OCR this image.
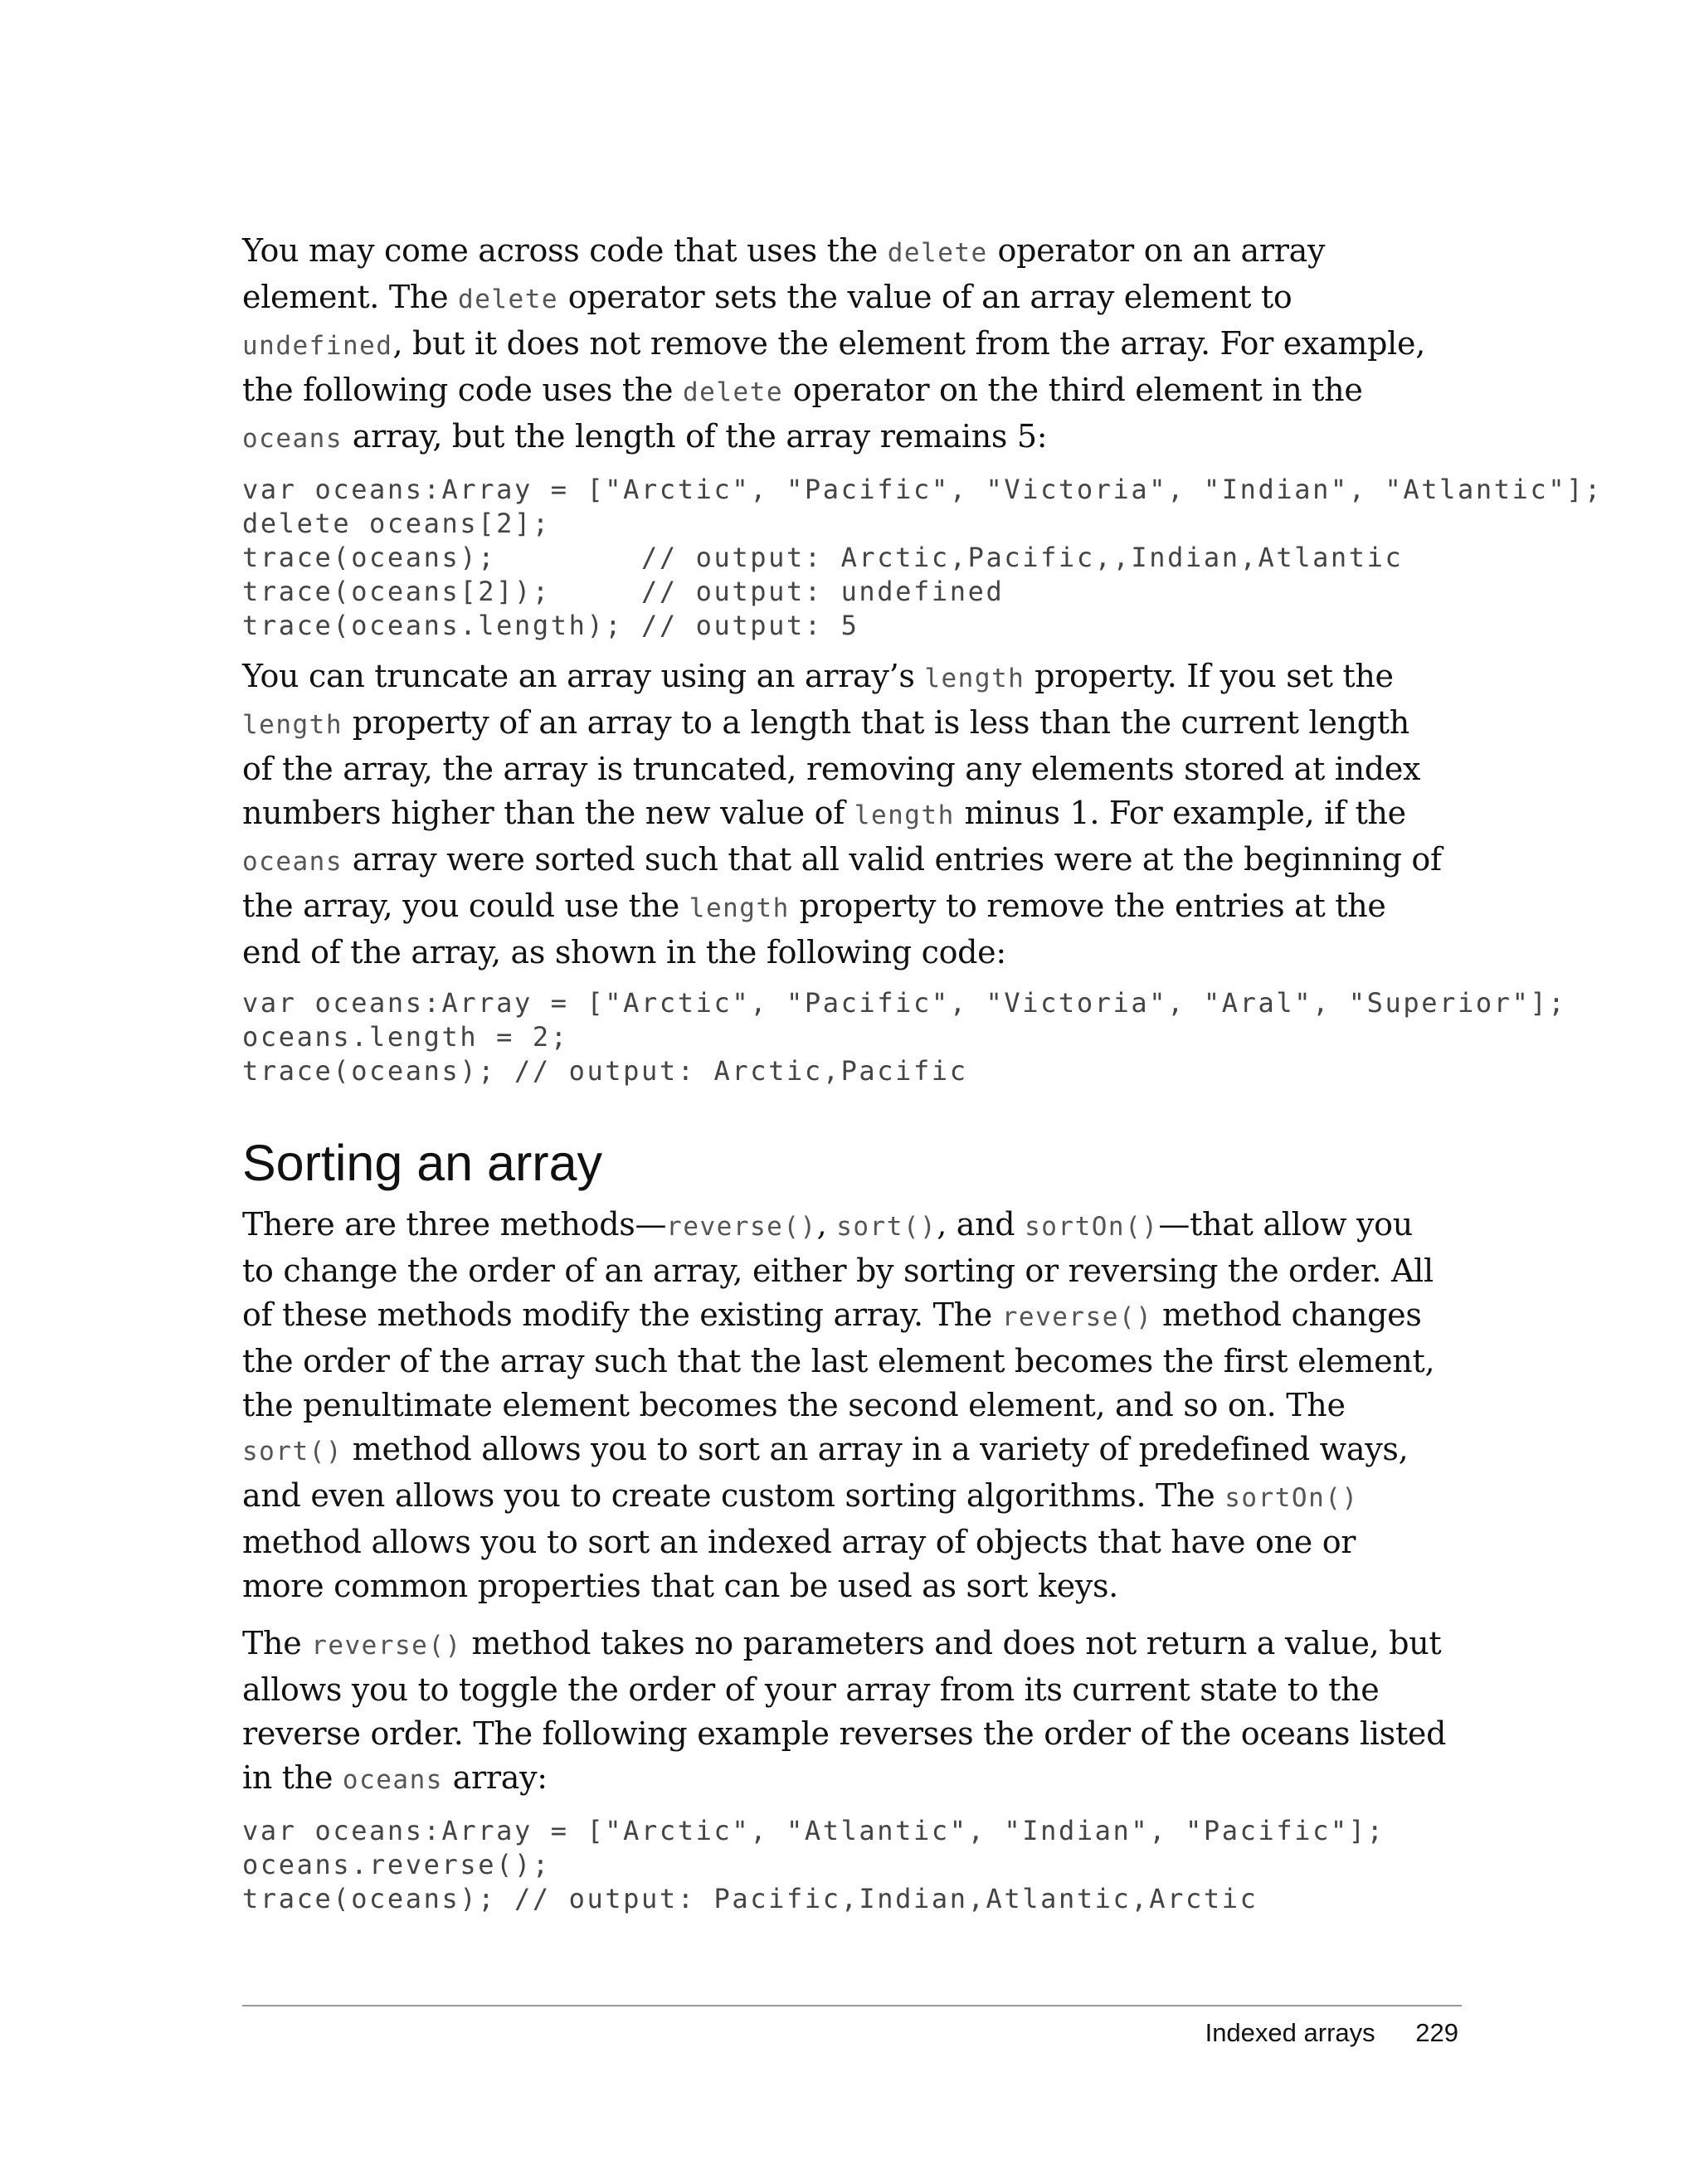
You may come across code that uses the delete operator on an array element. The delete operator sets the value of an array element to undefined, but it does not remove the element from the array. For example, the following code uses the delete operator on the third element in the oceans array, but the length of the array remains 5:

var oceans:Array = ["Arctic", "Pacific", "Victoria", "Indian", "Atlantic"];
delete oceans[2];
trace(oceans);        // output: Arctic,Pacific,,Indian,Atlantic
trace(oceans[2]);     // output: undefined
trace(oceans.length); // output: 5

You can truncate an array using an array’s length property. If you set the length property of an array to a length that is less than the current length of the array, the array is truncated, removing any elements stored at index numbers higher than the new value of length minus 1. For example, if the oceans array were sorted such that all valid entries were at the beginning of the array, you could use the length property to remove the entries at the end of the array, as shown in the following code:

var oceans:Array = ["Arctic", "Pacific", "Victoria", "Aral", "Superior"];
oceans.length = 2;
trace(oceans); // output: Arctic,Pacific
Sorting an array

There are three methods—reverse(), sort(), and sortOn()—that allow you to change the order of an array, either by sorting or reversing the order. All of these methods modify the existing array. The reverse() method changes the order of the array such that the last element becomes the first element, the penultimate element becomes the second element, and so on. The sort() method allows you to sort an array in a variety of predefined ways, and even allows you to create custom sorting algorithms. The sortOn() method allows you to sort an indexed array of objects that have one or more common properties that can be used as sort keys.

The reverse() method takes no parameters and does not return a value, but allows you to toggle the order of your array from its current state to the reverse order. The following example reverses the order of the oceans listed in the oceans array:

var oceans:Array = ["Arctic", "Atlantic", "Indian", "Pacific"];
oceans.reverse();
trace(oceans); // output: Pacific,Indian,Atlantic,Arctic
Indexed arrays 229
